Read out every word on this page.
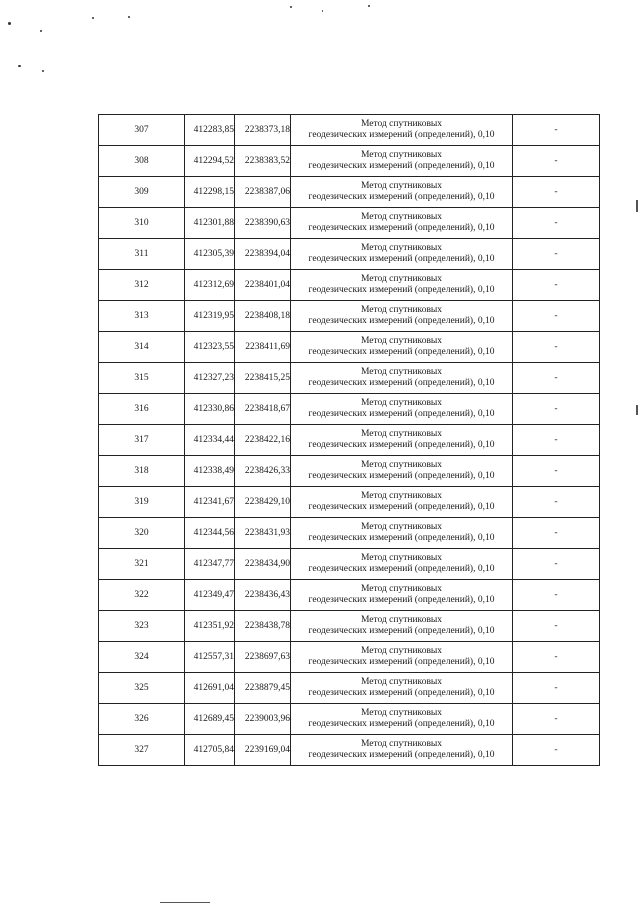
307	412283,85	2238373,18	Метод спутниковых
геодезических измерений (определений), 0,10	-
308	412294,52	2238383,52	Метод спутниковых
геодезических измерений (определений), 0,10	-
309	412298,15	2238387,06	Метод спутниковых
геодезических измерений (определений), 0,10	-
310	412301,88	2238390,63	Метод спутниковых
геодезических измерений (определений), 0,10	-
311	412305,39	2238394,04	Метод спутниковых
геодезических измерений (определений), 0,10	-
312	412312,69	2238401,04	Метод спутниковых
геодезических измерений (определений), 0,10	-
313	412319,95	2238408,18	Метод спутниковых
геодезических измерений (определений), 0,10	-
314	412323,55	2238411,69	Метод спутниковых
геодезических измерений (определений), 0,10	-
315	412327,23	2238415,25	Метод спутниковых
геодезических измерений (определений), 0,10	-
316	412330,86	2238418,67	Метод спутниковых
геодезических измерений (определений), 0,10	-
317	412334,44	2238422,16	Метод спутниковых
геодезических измерений (определений), 0,10	-
318	412338,49	2238426,33	Метод спутниковых
геодезических измерений (определений), 0,10	-
319	412341,67	2238429,10	Метод спутниковых
геодезических измерений (определений), 0,10	-
320	412344,56	2238431,93	Метод спутниковых
геодезических измерений (определений), 0,10	-
321	412347,77	2238434,90	Метод спутниковых
геодезических измерений (определений), 0,10	-
322	412349,47	2238436,43	Метод спутниковых
геодезических измерений (определений), 0,10	-
323	412351,92	2238438,78	Метод спутниковых
геодезических измерений (определений), 0,10	-
324	412557,31	2238697,63	Метод спутниковых
геодезических измерений (определений), 0,10	-
325	412691,04	2238879,45	Метод спутниковых
геодезических измерений (определений), 0,10	-
326	412689,45	2239003,96	Метод спутниковых
геодезических измерений (определений), 0,10	-
327	412705,84	2239169,04	Метод спутниковых
геодезических измерений (определений), 0,10	-
